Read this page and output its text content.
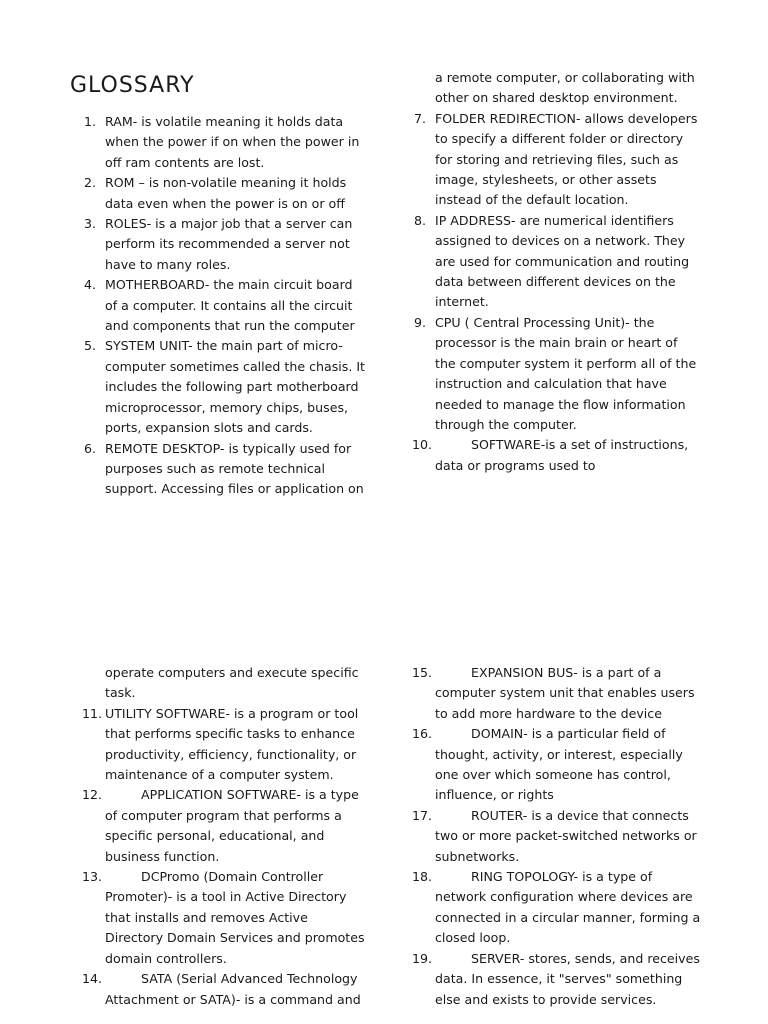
GLOSSARY
1. RAM- is volatile meaning it holds data when the power if on when the power in off ram contents are lost.
2. ROM – is non-volatile meaning it holds data even when the power is on or off
3. ROLES- is a major job that a server can perform its recommended a server not have to many roles.
4. MOTHERBOARD- the main circuit board of a computer. It contains all the circuit and components that run the computer
5. SYSTEM UNIT- the main part of micro-computer sometimes called the chasis. It includes the following part motherboard microprocessor, memory chips, buses, ports, expansion slots and cards.
6. REMOTE DESKTOP- is typically used for purposes such as remote technical support. Accessing files or application on
a remote computer, or collaborating with other on shared desktop environment.
7. FOLDER REDIRECTION- allows developers to specify a different folder or directory for storing and retrieving files, such as image, stylesheets, or other assets instead of the default location.
8. IP ADDRESS- are numerical identifiers assigned to devices on a network. They are used for communication and routing data between different devices on the internet.
9. CPU ( Central Processing Unit)- the processor is the main brain or heart of the computer system it perform all of the instruction and calculation that have needed to manage the flow information through the computer.
10.	SOFTWARE-is a set of instructions, data or programs used to
operate computers and execute specific task.
11. UTILITY SOFTWARE- is a program or tool that performs specific tasks to enhance productivity, efficiency, functionality, or maintenance of a computer system.
12.	APPLICATION SOFTWARE- is a type of computer program that performs a specific personal, educational, and business function.
13.	DCPromo (Domain Controller Promoter)- is a tool in Active Directory that installs and removes Active Directory Domain Services and promotes domain controllers.
14.	SATA (Serial Advanced Technology Attachment or SATA)- is a command and
15.	EXPANSION BUS- is a part of a computer system unit that enables users to add more hardware to the device
16.	DOMAIN- is a particular field of thought, activity, or interest, especially one over which someone has control, influence, or rights
17.	ROUTER- is a device that connects two or more packet-switched networks or subnetworks.
18.	RING TOPOLOGY- is a type of network configuration where devices are connected in a circular manner, forming a closed loop.
19.	SERVER- stores, sends, and receives data. In essence, it "serves" something else and exists to provide services.
